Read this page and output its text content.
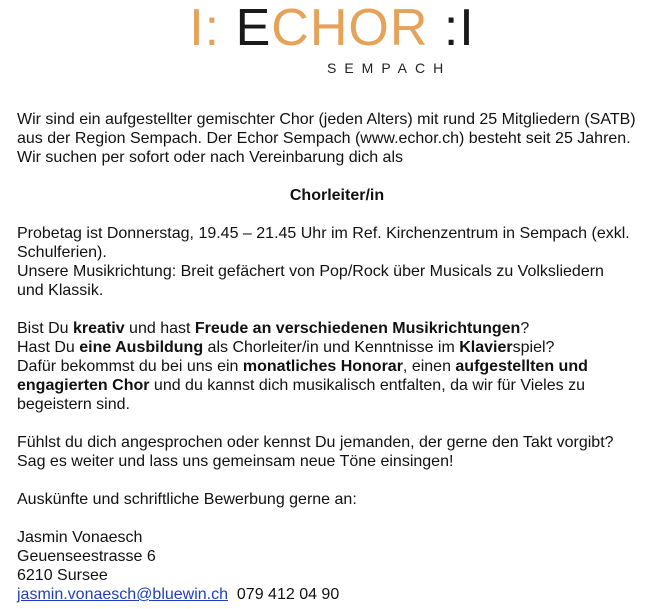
I: ECHOR :I
SEMPACH

Wir sind ein aufgestellter gemischter Chor (jeden Alters) mit rund 25 Mitgliedern (SATB)

aus der Region Sempach. Der Echor Sempach (www.echor.ch) besteht seit 25 Jahren.

Wir suchen per sofort oder nach Vereinbarung dich als

Chorleiter/in

Probetag ist Donnerstag, 19.45 – 21.45 Uhr im Ref. Kirchenzentrum in Sempach (exkl.

Schulferien).

Unsere Musikrichtung: Breit gefächert von Pop/Rock über Musicals zu Volksliedern

und Klassik.

Bist Du kreativ und hast Freude an verschiedenen Musikrichtungen?

Hast Du eine Ausbildung als Chorleiter/in und Kenntnisse im Klavierspiel?

Dafür bekommst du bei uns ein monatliches Honorar, einen aufgestellten und

engagierten Chor und du kannst dich musikalisch entfalten, da wir für Vieles zu

begeistern sind.

Fühlst du dich angesprochen oder kennst Du jemanden, der gerne den Takt vorgibt?

Sag es weiter und lass uns gemeinsam neue Töne einsingen!

Auskünfte und schriftliche Bewerbung gerne an:

Jasmin Vonaesch

Geuenseestrasse 6

6210 Sursee

jasmin.vonaesch@bluewin.ch 079 412 04 90
